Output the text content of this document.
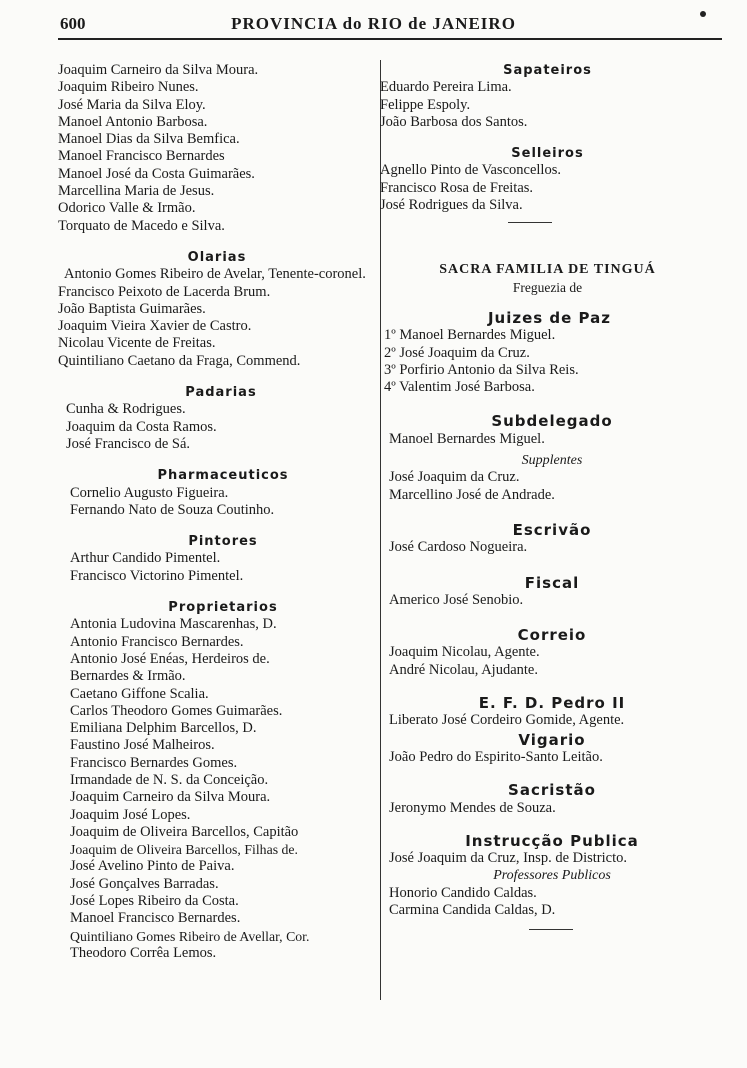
600	PROVINCIA do RIO de JANEIRO
Joaquim Carneiro da Silva Moura.
Joaquim Ribeiro Nunes.
José Maria da Silva Eloy.
Manoel Antonio Barbosa.
Manoel Dias da Silva Bemfica.
Manoel Francisco Bernardes
Manoel José da Costa Guimarães.
Marcellina Maria de Jesus.
Odorico Valle & Irmão.
Torquato de Macedo e Silva.
Olarias
Antonio Gomes Ribeiro de Avelar, Tenente-coronel.
Francisco Peixoto de Lacerda Brum.
João Baptista Guimarães.
Joaquim Vieira Xavier de Castro.
Nicolau Vicente de Freitas.
Quintiliano Caetano da Fraga, Commend.
Padarias
Cunha & Rodrigues.
Joaquim da Costa Ramos.
José Francisco de Sá.
Pharmaceuticos
Cornelio Augusto Figueira.
Fernando Nato de Souza Coutinho.
Pintores
Arthur Candido Pimentel.
Francisco Victorino Pimentel.
Proprietarios
Antonia Ludovina Mascarenhas, D.
Antonio Francisco Bernardes.
Antonio José Enéas, Herdeiros de.
Bernardes & Irmão.
Caetano Giffone Scalia.
Carlos Theodoro Gomes Guimarães.
Emiliana Delphim Barcellos, D.
Faustino José Malheiros.
Francisco Bernardes Gomes.
Irmandade de N. S. da Conceição.
Joaquim Carneiro da Silva Moura.
Joaquim José Lopes.
Joaquim de Oliveira Barcellos, Capitão
Joaquim de Oliveira Barcellos, Filhas de.
José Avelino Pinto de Paiva.
José Gonçalves Barradas.
José Lopes Ribeiro da Costa.
Manoel Francisco Bernardes.
Quintiliano Gomes Ribeiro de Avellar, Cor.
Theodoro Corrêa Lemos.
Sapateiros
Eduardo Pereira Lima.
Felippe Espoly.
João Barbosa dos Santos.
Selleiros
Agnello Pinto de Vasconcellos.
Francisco Rosa de Freitas.
José Rodrigues da Silva.
SACRA FAMILIA DE TINGUÁ
Freguezia de
Juizes de Paz
1º Manoel Bernardes Miguel.
2º José Joaquim da Cruz.
3º Porfirio Antonio da Silva Reis.
4º Valentim José Barbosa.
Subdelegado
Manoel Bernardes Miguel.
Supplentes
José Joaquim da Cruz.
Marcellino José de Andrade.
Escrivão
José Cardoso Nogueira.
Fiscal
Americo José Senobio.
Correio
Joaquim Nicolau, Agente.
André Nicolau, Ajudante.
E. F. D. Pedro II
Liberato José Cordeiro Gomide, Agente.
Vigario
João Pedro do Espirito-Santo Leitão.
Sacristão
Jeronymo Mendes de Souza.
Instrucção Publica
José Joaquim da Cruz, Insp. de Districto.
Professores Publicos
Honorio Candido Caldas.
Carmina Candida Caldas, D.
